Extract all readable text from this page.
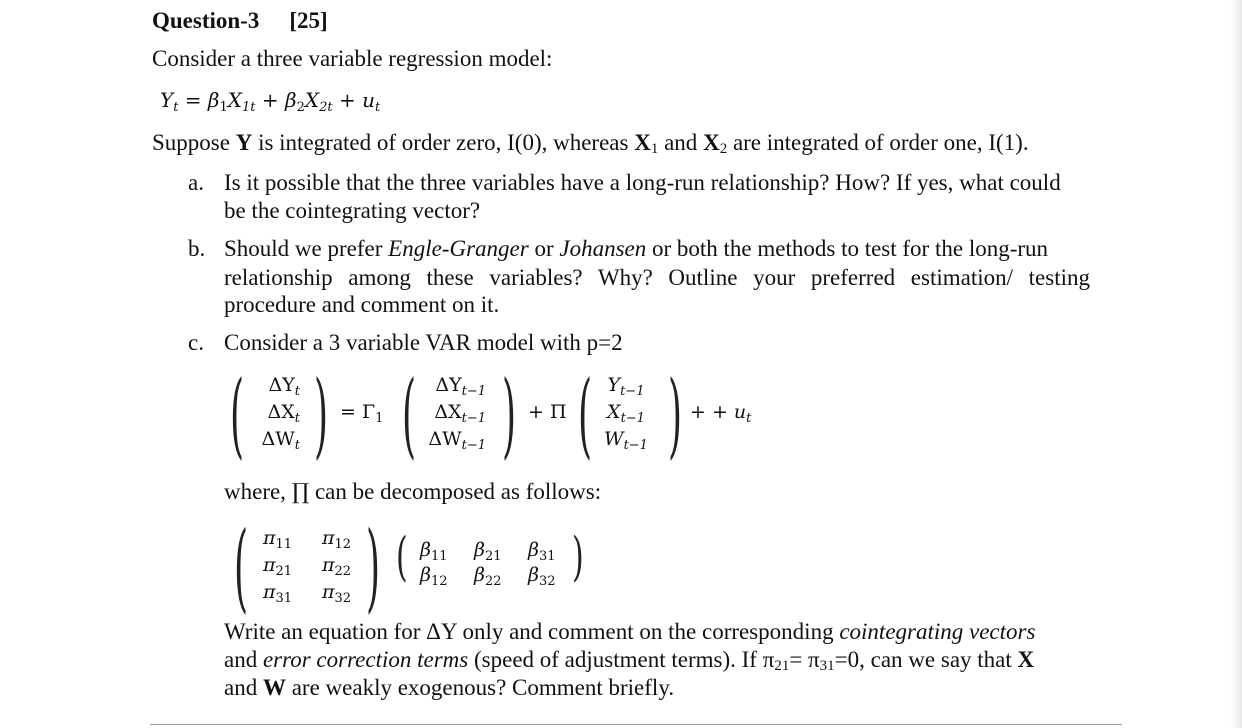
Question-3 [25]
Consider a three variable regression model:
$Y_t = \beta_1X_{1t} + \beta_2X_{2t} + u_t$
Suppose Y is integrated of order zero, I(0), whereas X1 and X2 are integrated of order one, I(1).
a. Is it possible that the three variables have a long-run relationship? How? If yes, what could
be the cointegrating vector?
b. Should we prefer Engle-Granger or Johansen or both the methods to test for the long-run
relationship among these variables? Why? Outline your preferred estimation/ testing
procedure and comment on it.
c. Consider a 3 variable VAR model with p=2
(	$\Delta Y_t$
$\Delta X_t$
$\Delta W_t$ ) = $\Gamma_1$ (	$\Delta Y_{t-1}$
$\Delta X_{t-1}$
$\Delta W_{t-1}$ ) + Π ( $Y_{t-1}$
$X_{t-1}$
$W_{t-1}$ ) + + $u_t$
where, ∏ can be decomposed as follows:
( $\pi_{11}$ $\pi_{12}$
$\pi_{21}$ $\pi_{22}$
$\pi_{31}$ $\pi_{32}$ ) ( $\beta_{11}$ $\beta_{21}$ $\beta_{31}$
$\beta_{12}$ $\beta_{22}$ $\beta_{32}$ )
Write an equation for ΔY only and comment on the corresponding cointegrating vectors
and error correction terms (speed of adjustment terms). If π21= π31=0, can we say that X
and W are weakly exogenous? Comment briefly.
